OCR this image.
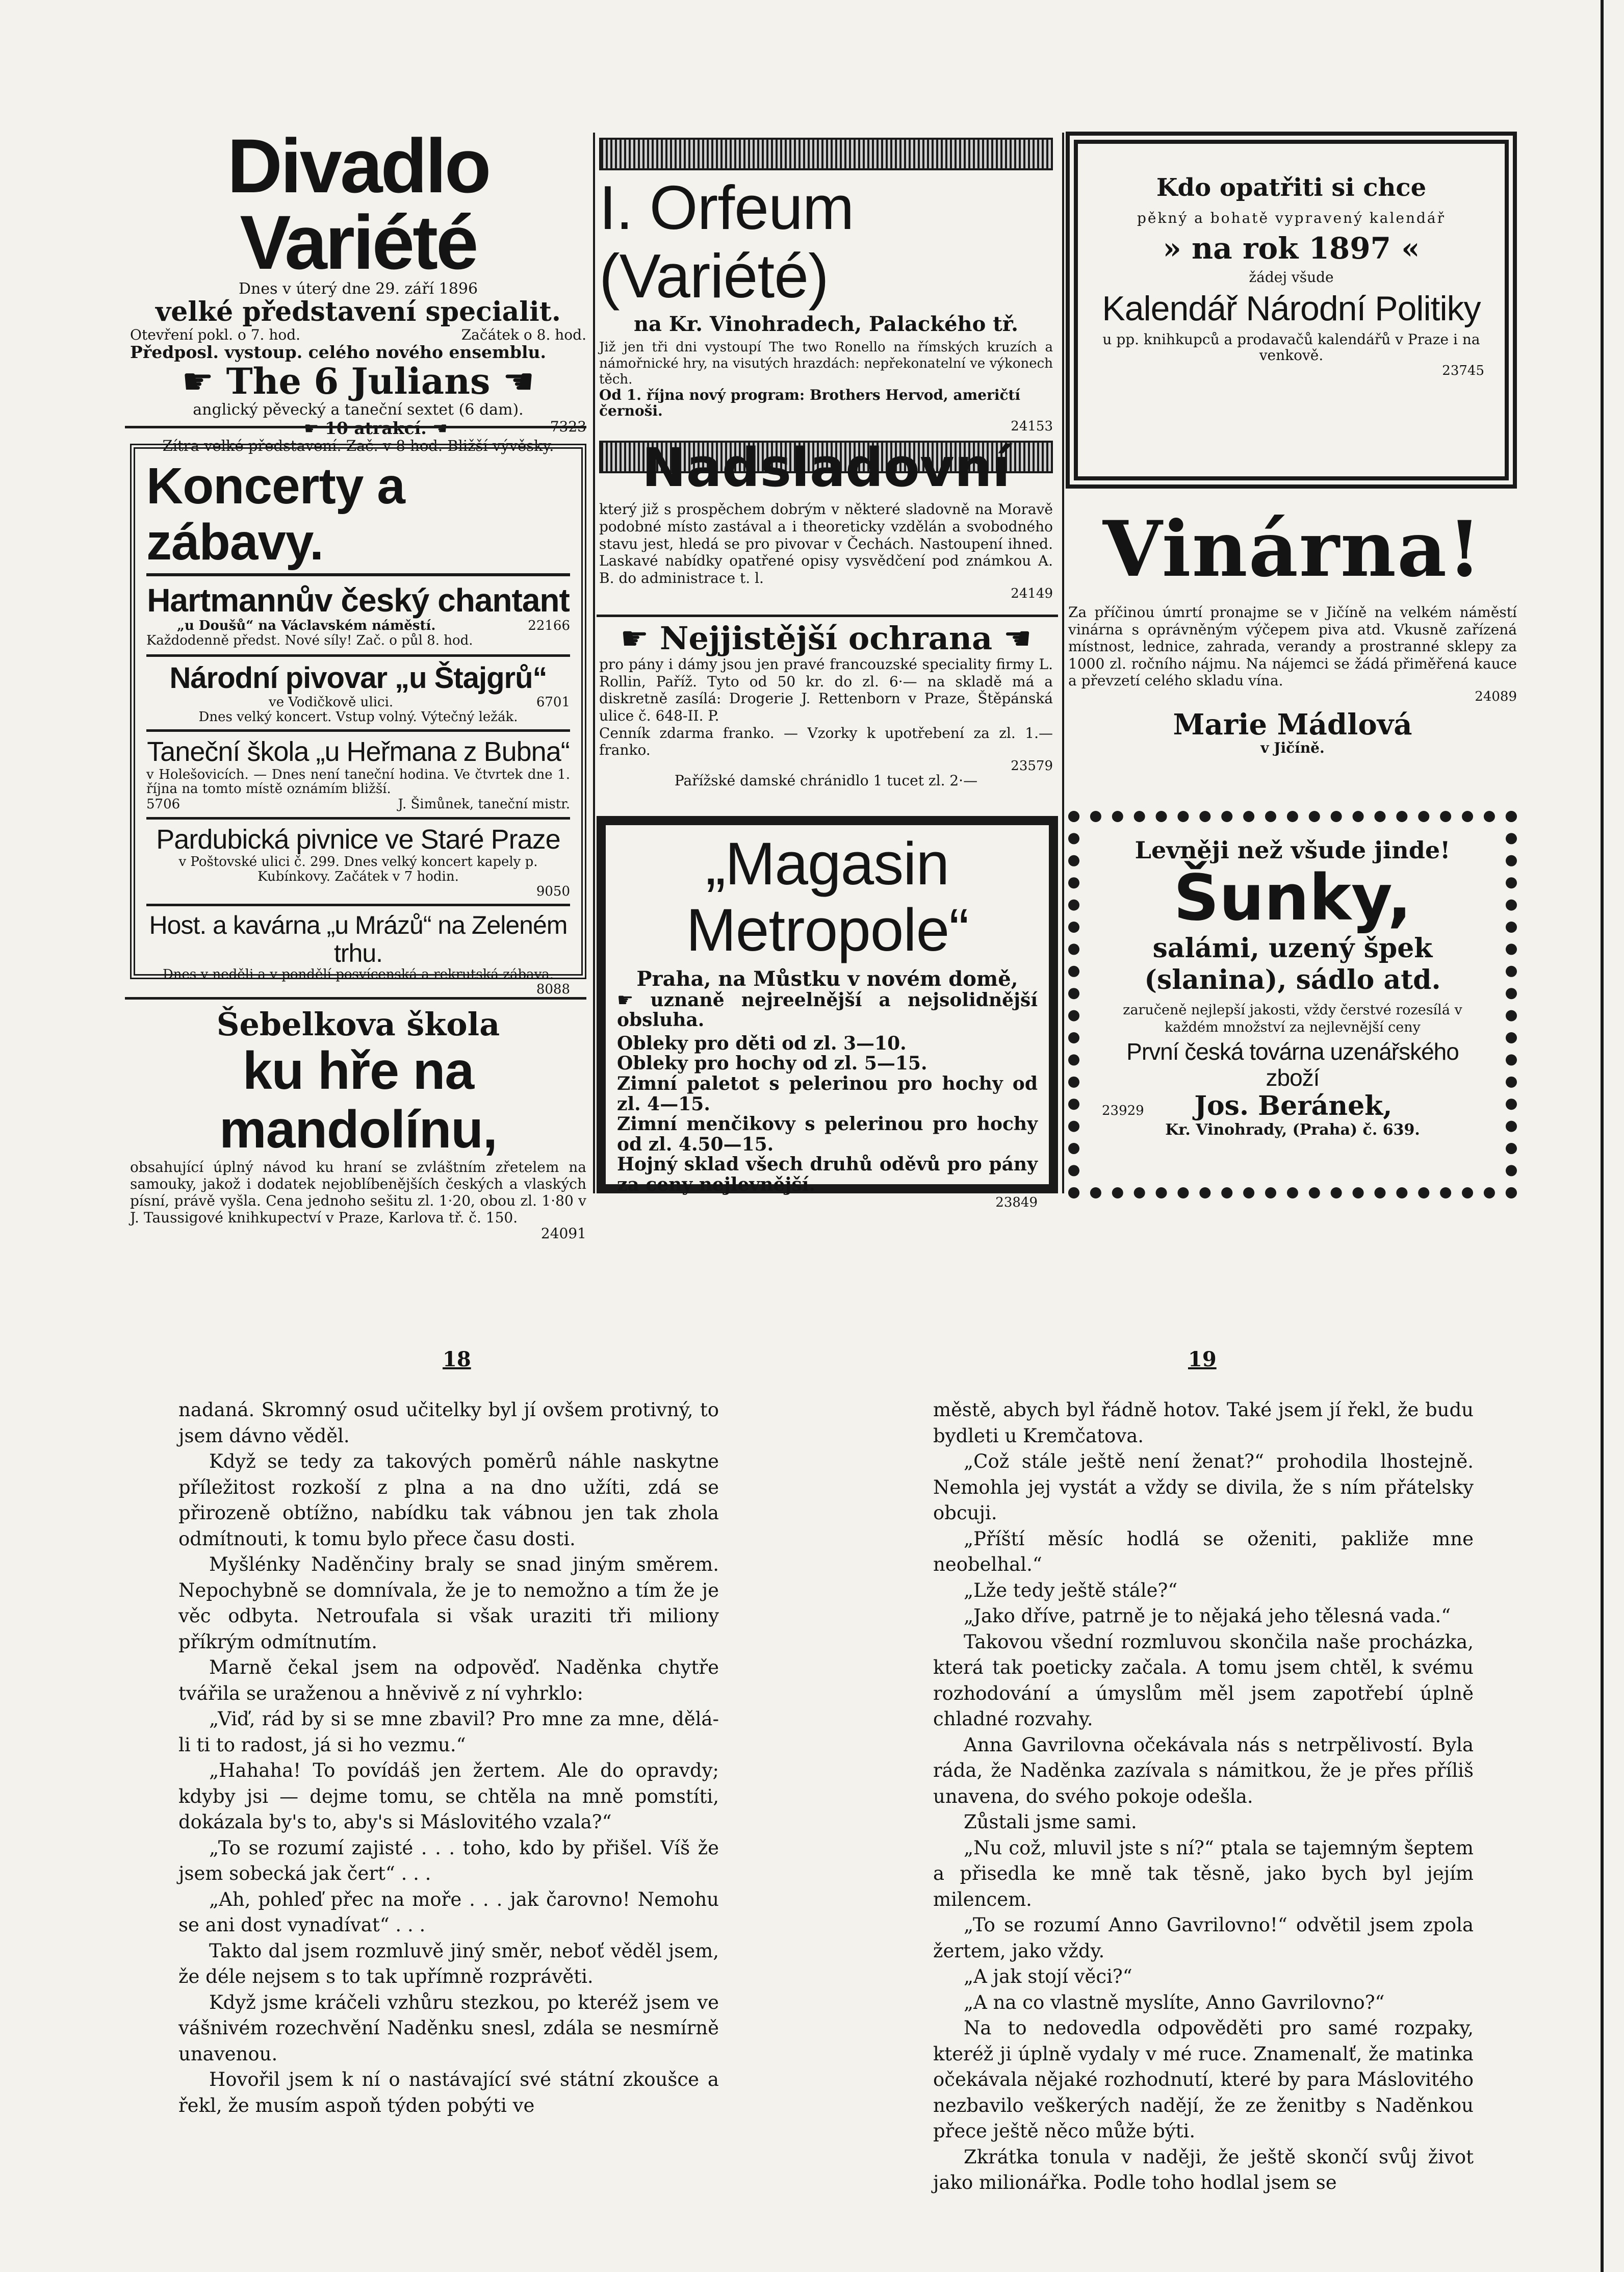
Divadlo Variété
Dnes v úterý dne 29. září 1896
velké představení specialit.
Otevření pokl. o 7. hod.	Začátek o 8. hod.
Předposl. vystoup. celého nového ensemblu.
☛ The 6 Julians ☚
anglický pěvecký a taneční sextet (6 dam).
☛ 10 atrakcí. ☚	7323
Zítra velké představení. Zač. v 8 hod. Bližší vývěsky.
Koncerty a zábavy.
Hartmannův český chantant
„u Doušů“ na Václavském náměstí.	22166
Každodenně předst. Nové síly! Zač. o půl 8. hod.
Národní pivovar „u Štajgrů“
ve Vodičkově ulici.	6701
Dnes velký koncert. Vstup volný. Výtečný ležák.
Taneční škola „u Heřmana z Bubna“
v Holešovicích. — Dnes není taneční hodina. Ve čtvrtek dne 1. října na tomto místě oznámím bližší.
5706	J. Šimůnek, taneční mistr.
Pardubická pivnice ve Staré Praze
v Poštovské ulici č. 299. Dnes velký koncert kapely p. Kubínkovy. Začátek v 7 hodin.
9050
Host. a kavárna „u Mrázů“ na Zeleném trhu.
Dnes v neděli a v pondělí posvícenská a rekrutská zábava.
8088
Šebelkova škola
ku hře na mandolínu,
obsahující úplný návod ku hraní se zvláštním zřetelem na samouky, jakož i dodatek nejoblíbenějších českých a vlaských písní, právě vyšla. Cena jednoho sešitu zl. 1·20, obou zl. 1·80 v J. Taussigové knihkupectví v Praze, Karlova tř. č. 150.
24091
I. Orfeum (Variété)
na Kr. Vinohradech, Palackého tř.
Již jen tři dni vystoupí The two Ronello na římských kruzích a námořnické hry, na visutých hrazdách: nepřekonatelní ve výkonech těch.
Od 1. října nový program: Brothers Hervod, američtí černoši.
24153
Nadsladovní
který již s prospěchem dobrým v některé sladovně na Moravě podobné místo zastával a i theoreticky vzdělán a svobodného stavu jest, hledá se pro pivovar v Čechách. Nastoupení ihned. Laskavé nabídky opatřené opisy vysvědčení pod známkou A. B. do administrace t. l.
24149
☛ Nejjistější ochrana ☚
pro pány i dámy jsou jen pravé francouzské speciality firmy L. Rollin, Paříž. Tyto od 50 kr. do zl. 6·— na skladě má a diskretně zasílá: Drogerie J. Rettenborn v Praze, Štěpánská ulice č. 648-II. P.
Cenník zdarma franko. — Vzorky k upotřebení za zl. 1.— franko.
23579
Pařížské damské chránidlo 1 tucet zl. 2·—
„Magasin Metropole“
Praha, na Můstku v novém domě,
☛ uznaně nejreelnější a nejsolidnější obsluha.
Obleky pro děti od zl. 3—10.
Obleky pro hochy od zl. 5—15.
Zimní paletot s pelerinou pro hochy od zl. 4—15.
Zimní menčikovy s pelerinou pro hochy od zl. 4.50—15.
Hojný sklad všech druhů oděvů pro pány za ceny nejlevnější.
23849
Kdo opatřiti si chce
pěkný a bohatě vypravený kalendář
» na rok 1897 «
žádej všude
Kalendář Národní Politiky
u pp. knihkupců a prodavačů kalendářů v Praze i na venkově.
23745
Vinárna!
Za příčinou úmrtí pronajme se v Jičíně na velkém náměstí vinárna s oprávněným výčepem piva atd. Vkusně zařízená místnost, lednice, zahrada, verandy a prostranné sklepy za 1000 zl. ročního nájmu. Na nájemci se žádá přiměřená kauce a převzetí celého skladu vína.
24089
Marie Mádlová
v Jičíně.
Levněji než všude jinde!
Šunky,
salámi, uzený špek (slanina), sádlo atd.
zaručeně nejlepší jakosti, vždy čerstvé rozesílá v každém množství za nejlevnější ceny
První česká továrna uzenářského zboží
23929 Jos. Beránek,
Kr. Vinohrady, (Praha) č. 639.
18	19

nadaná. Skromný osud učitelky byl jí ovšem protivný, to jsem dávno věděl.

Když se tedy za takových poměrů náhle naskytne příležitost rozkoší z plna a na dno užíti, zdá se přirozeně obtížno, nabídku tak vábnou jen tak zhola odmítnouti, k tomu bylo přece času dosti.

Myšlénky Naděnčiny braly se snad jiným směrem. Nepochybně se domnívala, že je to nemožno a tím že je věc odbyta. Netroufala si však uraziti tři miliony příkrým odmítnutím.

Marně čekal jsem na odpověď. Naděnka chytře tvářila se uraženou a hněvivě z ní vyhrklo:

„Viď, rád by si se mne zbavil? Pro mne za mne, dělá-li ti to radost, já si ho vezmu.“

„Hahaha! To povídáš jen žertem. Ale do opravdy; kdyby jsi — dejme tomu, se chtěla na mně pomstíti, dokázala by's to, aby's si Máslovitého vzala?“

„To se rozumí zajisté . . . toho, kdo by přišel. Víš že jsem sobecká jak čert“ . . .

„Ah, pohleď přec na moře . . . jak čarovno! Nemohu se ani dost vynadívat“ . . .

Takto dal jsem rozmluvě jiný směr, neboť věděl jsem, že déle nejsem s to tak upřímně rozprávěti.

Když jsme kráčeli vzhůru stezkou, po kteréž jsem ve vášnivém rozechvění Naděnku snesl, zdála se nesmírně unavenou.

Hovořil jsem k ní o nastávající své státní zkoušce a řekl, že musím aspoň týden pobýti ve

městě, abych byl řádně hotov. Také jsem jí řekl, že budu bydleti u Kremčatova.

„Což stále ještě není ženat?“ prohodila lhostejně. Nemohla jej vystát a vždy se divila, že s ním přátelsky obcuji.

„Příští měsíc hodlá se oženiti, pakliže mne neobelhal.“

„Lže tedy ještě stále?“

„Jako dříve, patrně je to nějaká jeho tělesná vada.“

Takovou všední rozmluvou skončila naše procházka, která tak poeticky začala. A tomu jsem chtěl, k svému rozhodování a úmyslům měl jsem zapotřebí úplně chladné rozvahy.

Anna Gavrilovna očekávala nás s netrpělivostí. Byla ráda, že Naděnka zazívala s námitkou, že je přes příliš unavena, do svého pokoje odešla.

Zůstali jsme sami.

„Nu což, mluvil jste s ní?“ ptala se tajemným šeptem a přisedla ke mně tak těsně, jako bych byl jejím milencem.

„To se rozumí Anno Gavrilovno!“ odvětil jsem zpola žertem, jako vždy.

„A jak stojí věci?“

„A na co vlastně myslíte, Anno Gavrilovno?“

Na to nedovedla odpověděti pro samé rozpaky, kteréž ji úplně vydaly v mé ruce. Znamenalť, že matinka očekávala nějaké rozhodnutí, které by para Máslovitého nezbavilo veškerých nadějí, že ze ženitby s Naděnkou přece ještě něco může býti.

Zkrátka tonula v naději, že ještě skončí svůj život jako milionářka. Podle toho hodlal jsem se
